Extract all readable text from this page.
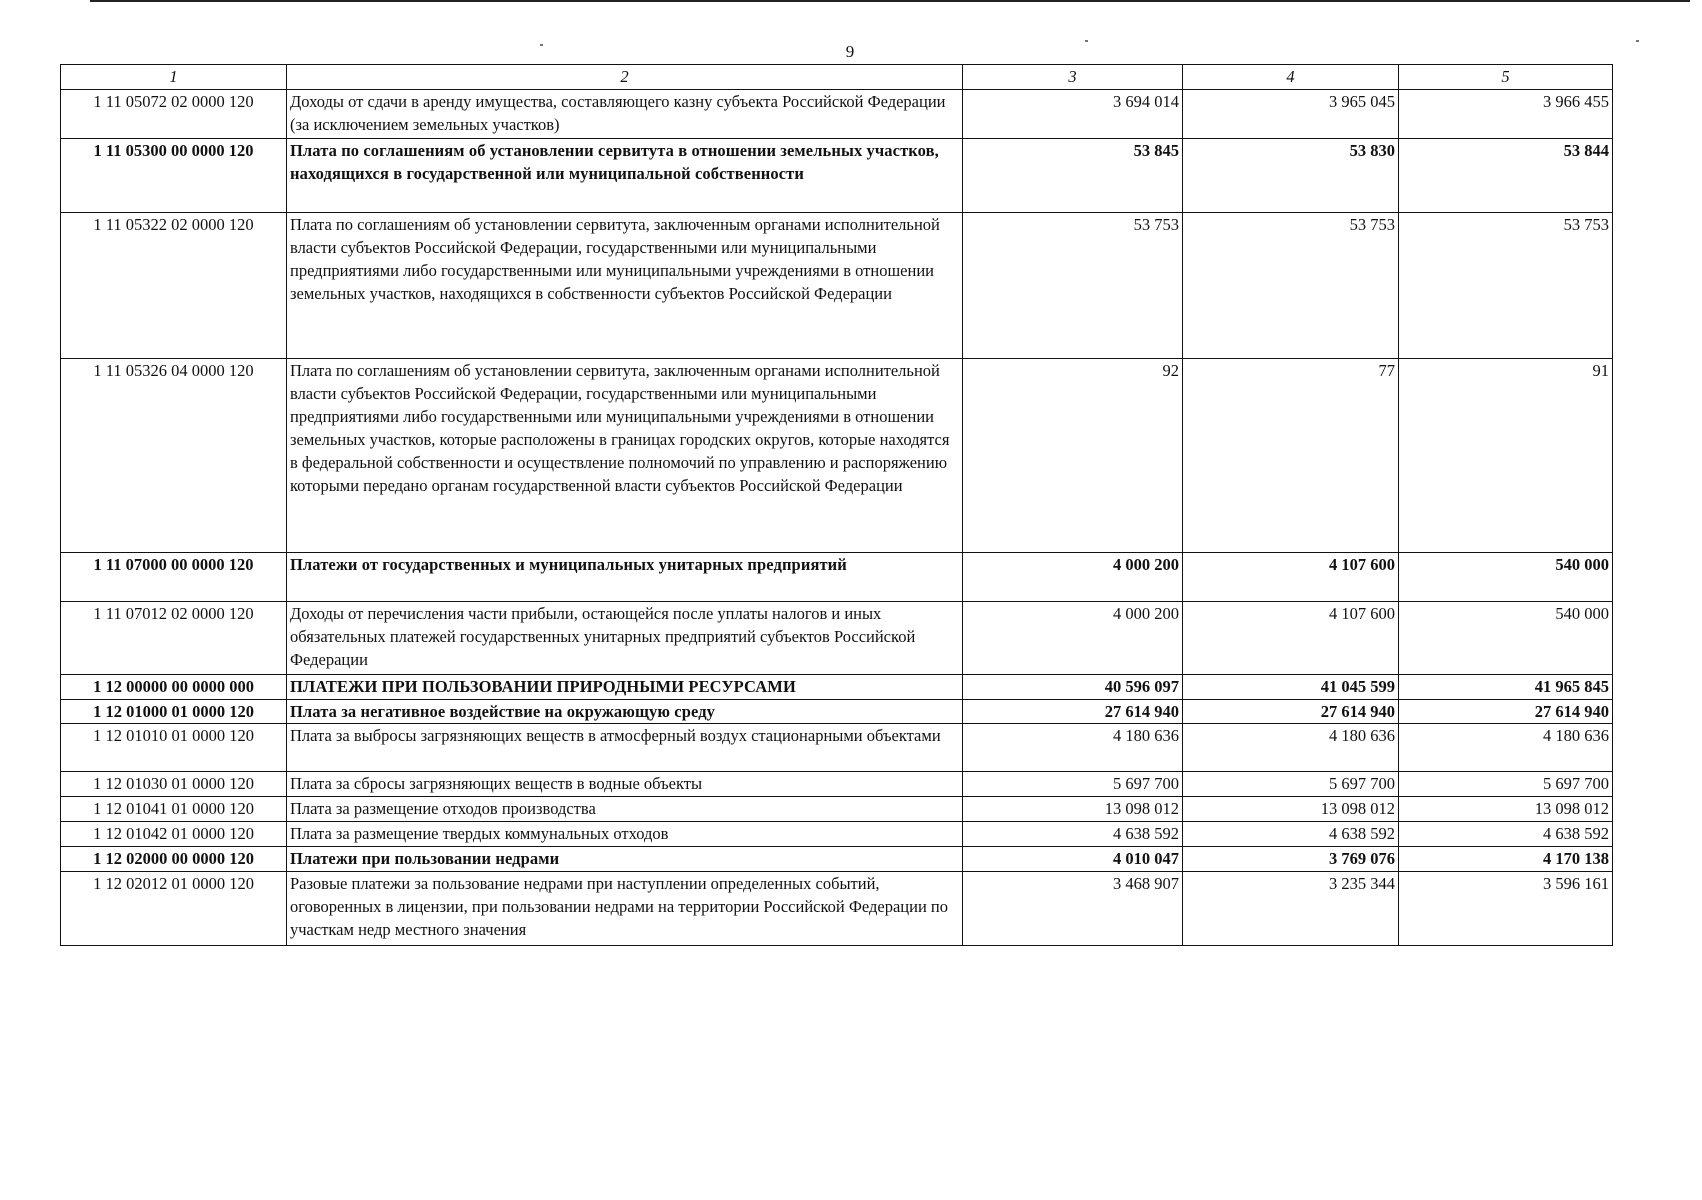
9
1	2	3	4	5
1 11 05072 02 0000 120	Доходы от сдачи в аренду имущества, составляющего казну субъекта Российской Федерации (за исключением земельных участков)	3 694 014	3 965 045	3 966 455
1 11 05300 00 0000 120	Плата по соглашениям об установлении сервитута в отношении земельных участков, находящихся в государственной или муниципальной собственности	53 845	53 830	53 844
1 11 05322 02 0000 120	Плата по соглашениям об установлении сервитута, заключенным органами исполнительной власти субъектов Российской Федерации, государственными или муниципальными предприятиями либо государственными или муниципальными учреждениями в отношении земельных участков, находящихся в собственности субъектов Российской Федерации	53 753	53 753	53 753
1 11 05326 04 0000 120	Плата по соглашениям об установлении сервитута, заключенным органами исполнительной власти субъектов Российской Федерации, государственными или муниципальными предприятиями либо государственными или муниципальными учреждениями в отношении земельных участков, которые расположены в границах городских округов, которые находятся в федеральной собственности и осуществление полномочий по управлению и распоряжению которыми передано органам государственной власти субъектов Российской Федерации	92	77	91
1 11 07000 00 0000 120	Платежи от государственных и муниципальных унитарных предприятий	4 000 200	4 107 600	540 000
1 11 07012 02 0000 120	Доходы от перечисления части прибыли, остающейся после уплаты налогов и иных обязательных платежей государственных унитарных предприятий субъектов Российской Федерации	4 000 200	4 107 600	540 000
1 12 00000 00 0000 000	ПЛАТЕЖИ ПРИ ПОЛЬЗОВАНИИ ПРИРОДНЫМИ РЕСУРСАМИ	40 596 097	41 045 599	41 965 845
1 12 01000 01 0000 120	Плата за негативное воздействие на окружающую среду	27 614 940	27 614 940	27 614 940
1 12 01010 01 0000 120	Плата за выбросы загрязняющих веществ в атмосферный воздух стационарными объектами	4 180 636	4 180 636	4 180 636
1 12 01030 01 0000 120	Плата за сбросы загрязняющих веществ в водные объекты	5 697 700	5 697 700	5 697 700
1 12 01041 01 0000 120	Плата за размещение отходов производства	13 098 012	13 098 012	13 098 012
1 12 01042 01 0000 120	Плата за размещение твердых коммунальных отходов	4 638 592	4 638 592	4 638 592
1 12 02000 00 0000 120	Платежи при пользовании недрами	4 010 047	3 769 076	4 170 138
1 12 02012 01 0000 120	Разовые платежи за пользование недрами при наступлении определенных событий, оговоренных в лицензии, при пользовании недрами на территории Российской Федерации по участкам недр местного значения	3 468 907	3 235 344	3 596 161
